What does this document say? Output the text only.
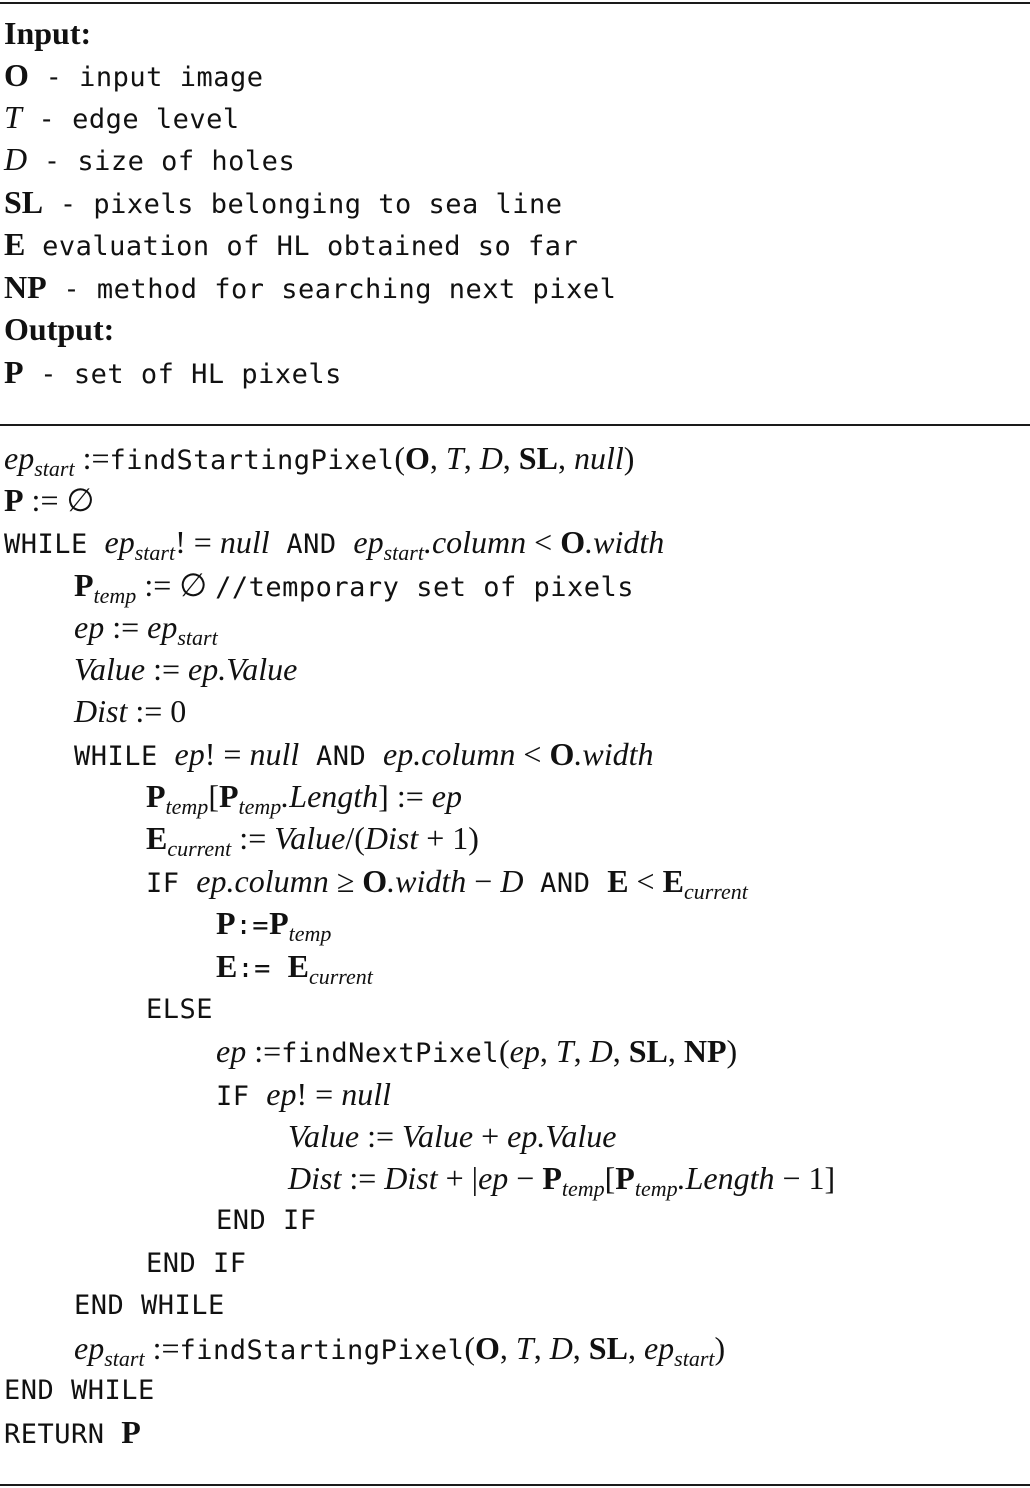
Input:
O - input image
T - edge level
D - size of holes
SL - pixels belonging to sea line
E evaluation of HL obtained so far
NP - method for searching next pixel
Output:
P - set of HL pixels
$ep_{start}$ :=findStartingPixel(O, T, D, SL, null)
P := ∅
WHILE $ep_{start}$! = null AND $ep_{start}.column$ < O.width
$P_{temp}$ := ∅ //temporary set of pixels
ep := $ep_{start}$
Value := ep.Value
Dist := 0
WHILE ep! = null AND ep.column < O.width
$P_{temp}[P_{temp}.Length]$ := ep
$E_{current}$ := Value/(Dist + 1)
IF ep.column ≥ O.width − D AND $E < E_{current}$
$P:=P_{temp}$
E:= $E_{current}$
ELSE
ep :=findNextPixel(ep, T, D, SL, NP)
IF ep! = null
Value := Value + ep.Value
Dist := Dist + $|ep - P_{temp}[P_{temp}.Length - 1]$
END IF
END IF
END WHILE
$ep_{start}$ :=findStartingPixel(O, T, D, SL, $ep_{start}$)
END WHILE
RETURN P
